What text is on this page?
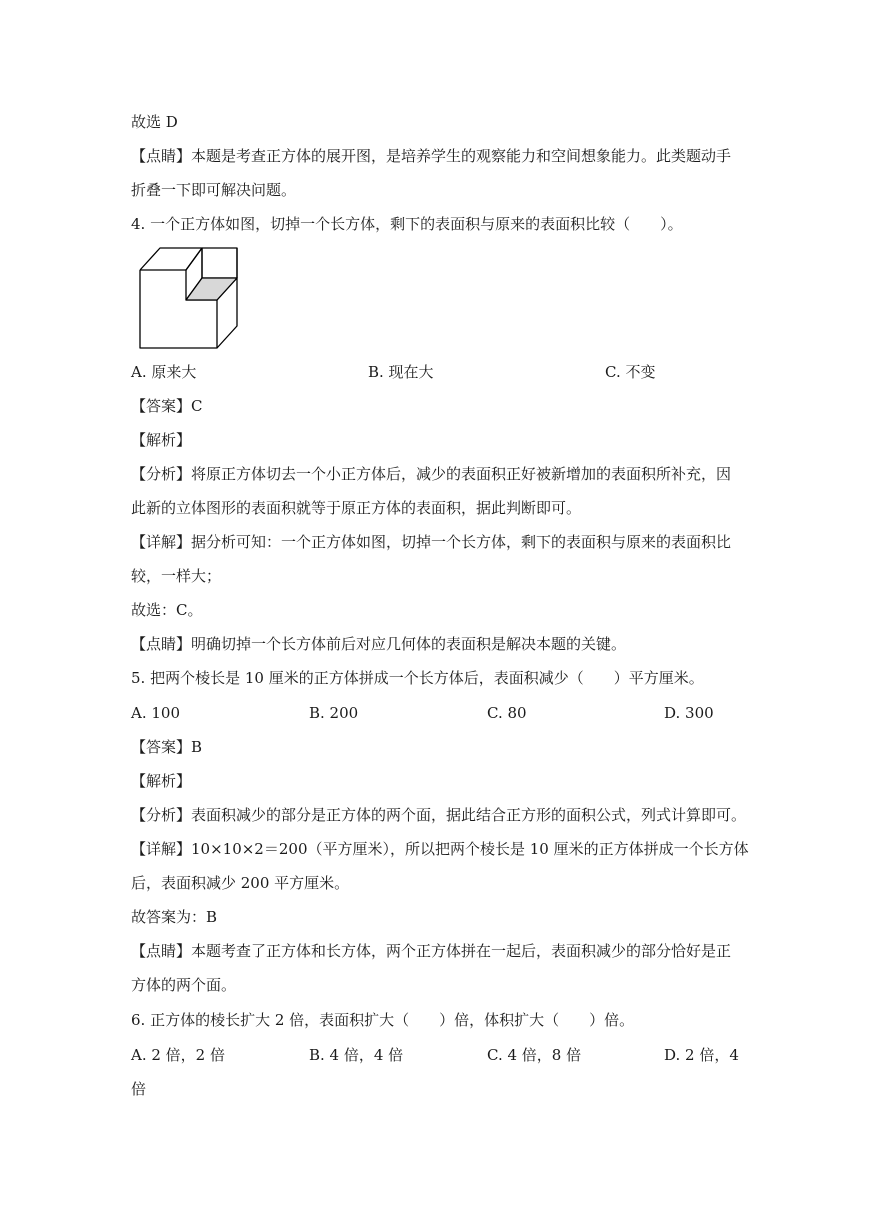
故选 D
【点睛】本题是考查正方体的展开图，是培养学生的观察能力和空间想象能力。此类题动手
折叠一下即可解决问题。
4. 一个正方体如图，切掉一个长方体，剩下的表面积与原来的表面积比较（　　）。
A. 原来大	B. 现在大	C. 不变
【答案】C
【解析】
【分析】将原正方体切去一个小正方体后，减少的表面积正好被新增加的表面积所补充，因
此新的立体图形的表面积就等于原正方体的表面积，据此判断即可。
【详解】据分析可知：一个正方体如图，切掉一个长方体，剩下的表面积与原来的表面积比
较，一样大；
故选：C。
【点睛】明确切掉一个长方体前后对应几何体的表面积是解决本题的关键。
5. 把两个棱长是 10 厘米的正方体拼成一个长方体后，表面积减少（　　）平方厘米。
A. 100	B. 200	C. 80	D. 300
【答案】B
【解析】
【分析】表面积减少的部分是正方体的两个面，据此结合正方形的面积公式，列式计算即可。
【详解】10×10×2＝200（平方厘米），所以把两个棱长是 10 厘米的正方体拼成一个长方体
后，表面积减少 200 平方厘米。
故答案为：B
【点睛】本题考查了正方体和长方体，两个正方体拼在一起后，表面积减少的部分恰好是正
方体的两个面。
6. 正方体的棱长扩大 2 倍，表面积扩大（　　）倍，体积扩大（　　）倍。
A. 2 倍，2 倍	B. 4 倍，4 倍	C. 4 倍，8 倍	D. 2 倍，4
倍
